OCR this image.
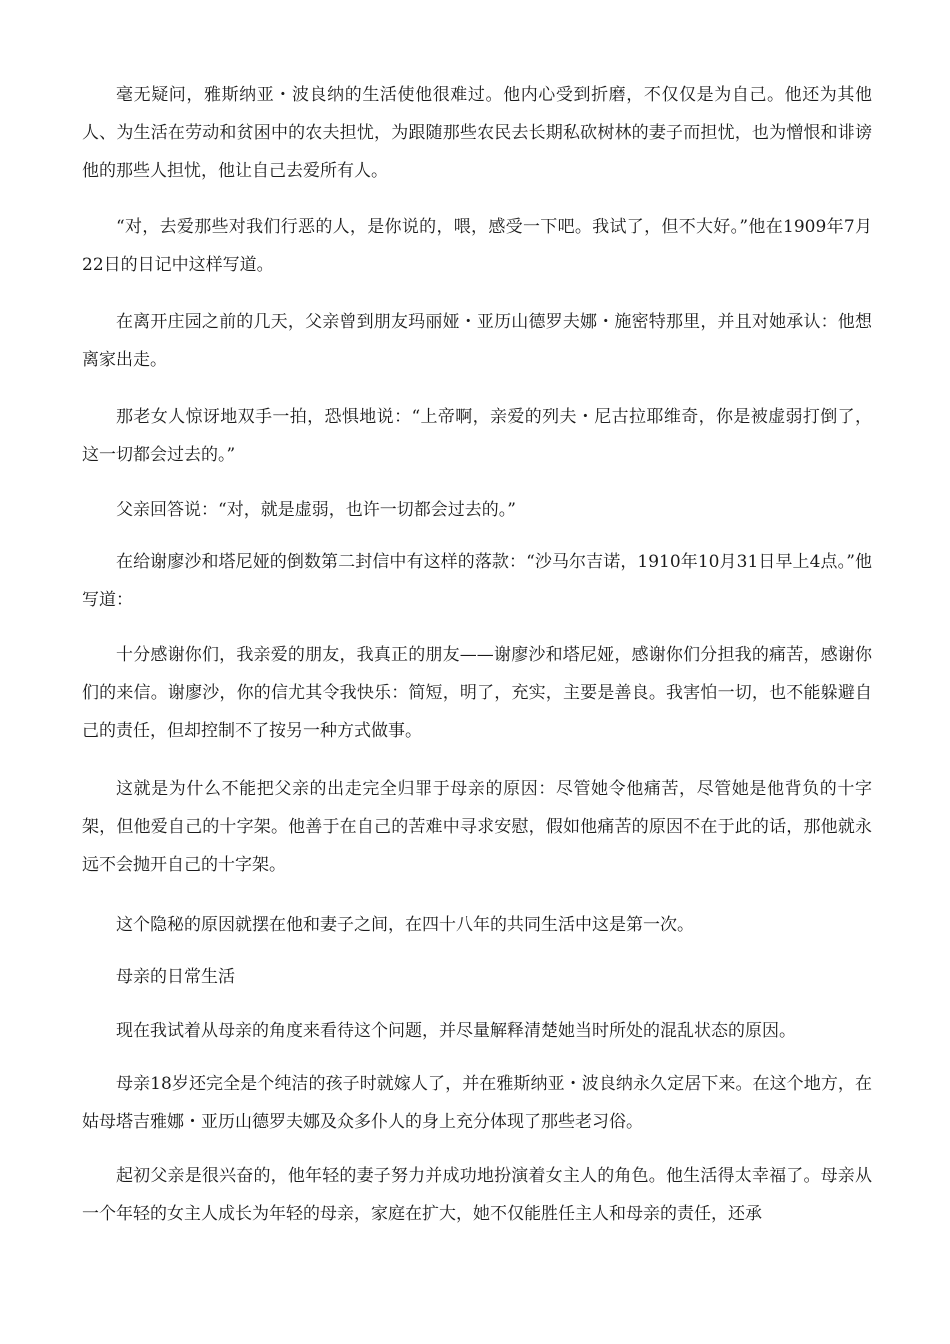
毫无疑问，雅斯纳亚・波良纳的生活使他很难过。他内心受到折磨，不仅仅是为自己。他还为其他人、为生活在劳动和贫困中的农夫担忧，为跟随那些农民去长期私砍树林的妻子而担忧，也为憎恨和诽谤他的那些人担忧，他让自己去爱所有人。

“对，去爱那些对我们行恶的人，是你说的，喂，感受一下吧。我试了，但不大好。”他在1909年7月22日的日记中这样写道。

在离开庄园之前的几天，父亲曾到朋友玛丽娅・亚历山德罗夫娜・施密特那里，并且对她承认：他想离家出走。

那老女人惊讶地双手一拍，恐惧地说：“上帝啊，亲爱的列夫・尼古拉耶维奇，你是被虚弱打倒了，这一切都会过去的。”

父亲回答说：“对，就是虚弱，也许一切都会过去的。”

在给谢廖沙和塔尼娅的倒数第二封信中有这样的落款：“沙马尔吉诺，1910年10月31日早上4点。”他写道：

十分感谢你们，我亲爱的朋友，我真正的朋友——谢廖沙和塔尼娅，感谢你们分担我的痛苦，感谢你们的来信。谢廖沙，你的信尤其令我快乐：简短，明了，充实，主要是善良。我害怕一切，也不能躲避自己的责任，但却控制不了按另一种方式做事。

这就是为什么不能把父亲的出走完全归罪于母亲的原因：尽管她令他痛苦，尽管她是他背负的十字架，但他爱自己的十字架。他善于在自己的苦难中寻求安慰，假如他痛苦的原因不在于此的话，那他就永远不会抛开自己的十字架。

这个隐秘的原因就摆在他和妻子之间，在四十八年的共同生活中这是第一次。

母亲的日常生活

现在我试着从母亲的角度来看待这个问题，并尽量解释清楚她当时所处的混乱状态的原因。

母亲18岁还完全是个纯洁的孩子时就嫁人了，并在雅斯纳亚・波良纳永久定居下来。在这个地方，在姑母塔吉雅娜・亚历山德罗夫娜及众多仆人的身上充分体现了那些老习俗。

起初父亲是很兴奋的，他年轻的妻子努力并成功地扮演着女主人的角色。他生活得太幸福了。母亲从一个年轻的女主人成长为年轻的母亲，家庭在扩大，她不仅能胜任主人和母亲的责任，还承
